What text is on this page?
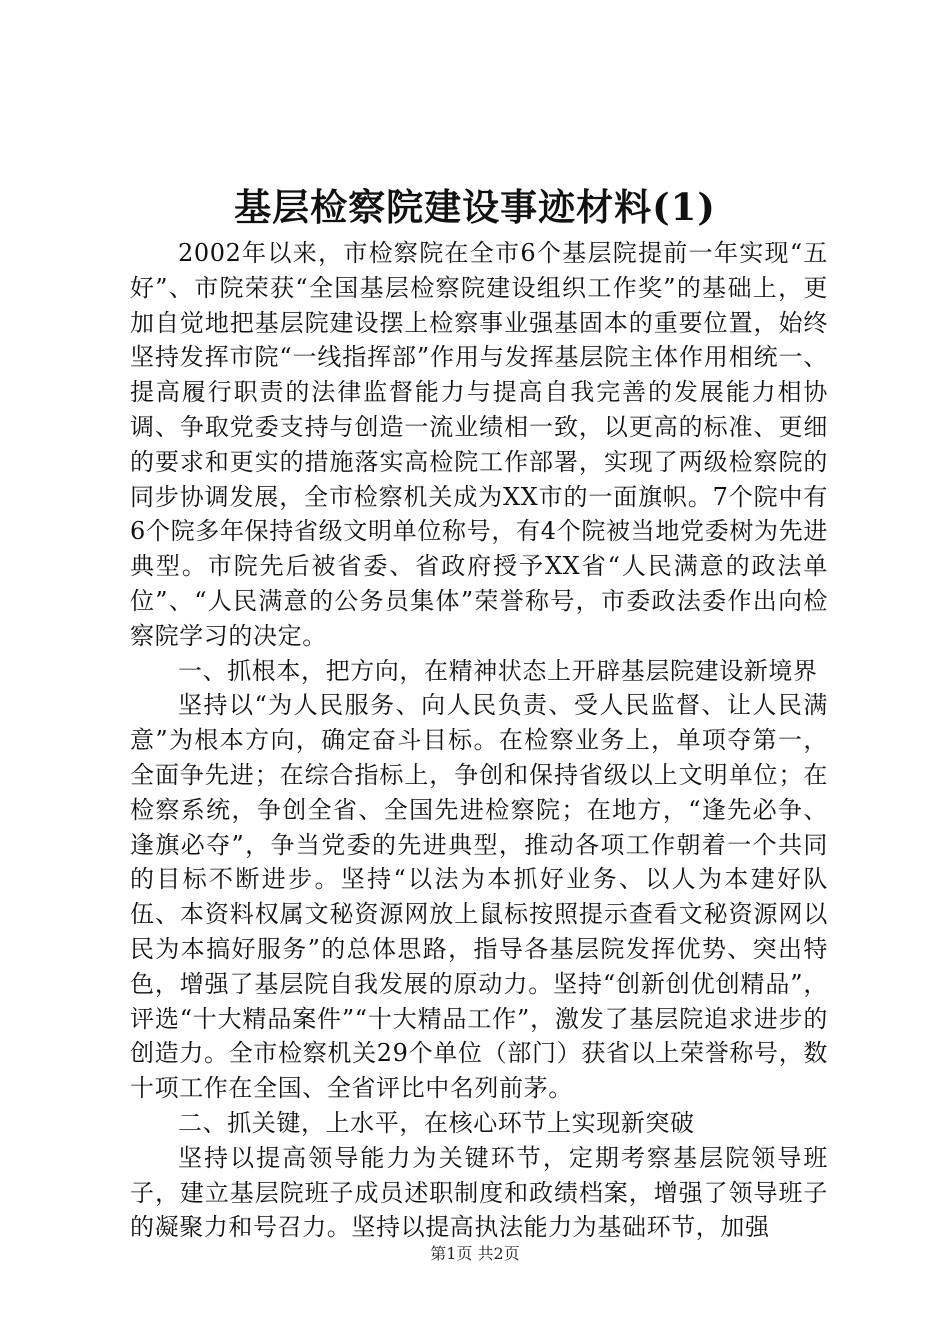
基层检察院建设事迹材料(1)

2002年以来，市检察院在全市6个基层院提前一年实现“五好”、市院荣获“全国基层检察院建设组织工作奖”的基础上，更加自觉地把基层院建设摆上检察事业强基固本的重要位置，始终坚持发挥市院“一线指挥部”作用与发挥基层院主体作用相统一、提高履行职责的法律监督能力与提高自我完善的发展能力相协调、争取党委支持与创造一流业绩相一致，以更高的标准、更细的要求和更实的措施落实高检院工作部署，实现了两级检察院的同步协调发展，全市检察机关成为XX市的一面旗帜。7个院中有6个院多年保持省级文明单位称号，有4个院被当地党委树为先进典型。市院先后被省委、省政府授予XX省“人民满意的政法单位”、“人民满意的公务员集体”荣誉称号，市委政法委作出向检察院学习的决定。

一、抓根本，把方向，在精神状态上开辟基层院建设新境界

坚持以“为人民服务、向人民负责、受人民监督、让人民满意”为根本方向，确定奋斗目标。在检察业务上，单项夺第一，全面争先进；在综合指标上，争创和保持省级以上文明单位；在检察系统，争创全省、全国先进检察院；在地方，“逢先必争、逢旗必夺”，争当党委的先进典型，推动各项工作朝着一个共同的目标不断进步。坚持“以法为本抓好业务、以人为本建好队伍、本资料权属文秘资源网放上鼠标按照提示查看文秘资源网以民为本搞好服务”的总体思路，指导各基层院发挥优势、突出特色，增强了基层院自我发展的原动力。坚持“创新创优创精品”，评选“十大精品案件”“十大精品工作”，激发了基层院追求进步的创造力。全市检察机关29个单位（部门）获省以上荣誉称号，数十项工作在全国、全省评比中名列前茅。

二、抓关键，上水平，在核心环节上实现新突破

坚持以提高领导能力为关键环节，定期考察基层院领导班子，建立基层院班子成员述职制度和政绩档案，增强了领导班子的凝聚力和号召力。坚持以提高执法能力为基础环节，加强

第1页 共2页
